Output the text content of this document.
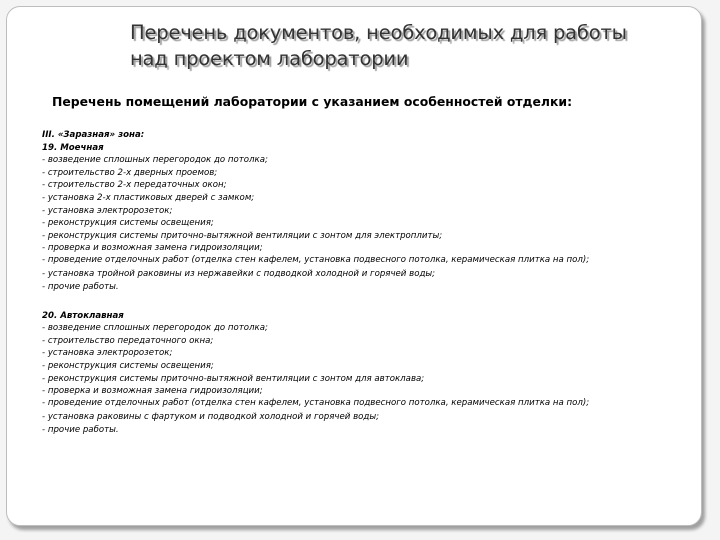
Перечень документов, необходимых для работы над проектом лаборатории
Перечень помещений лаборатории с указанием особенностей отделки:
III. «Заразная» зона:
19. Моечная
- возведение сплошных перегородок до потолка;
- строительство 2-х дверных проемов;
- строительство 2-х передаточных окон;
- установка 2-х пластиковых дверей с замком;
- установка электророзеток;
- реконструкция системы освещения;
- реконструкция системы приточно-вытяжной вентиляции с зонтом для электроплиты;
- проверка и возможная замена гидроизоляции;
- проведение отделочных работ (отделка стен кафелем, установка подвесного потолка, керамическая плитка на пол);
- установка тройной раковины из нержавейки с подводкой холодной и горячей воды;
- прочие работы.
20. Автоклавная
- возведение сплошных перегородок до потолка;
- строительство передаточного окна;
- установка электророзеток;
- реконструкция системы освещения;
- реконструкция системы приточно-вытяжной вентиляции с зонтом для автоклава;
- проверка и возможная замена гидроизоляции;
- проведение отделочных работ (отделка стен кафелем, установка подвесного потолка, керамическая плитка на пол);
- установка раковины с фартуком и подводкой холодной и горячей воды;
- прочие работы.
